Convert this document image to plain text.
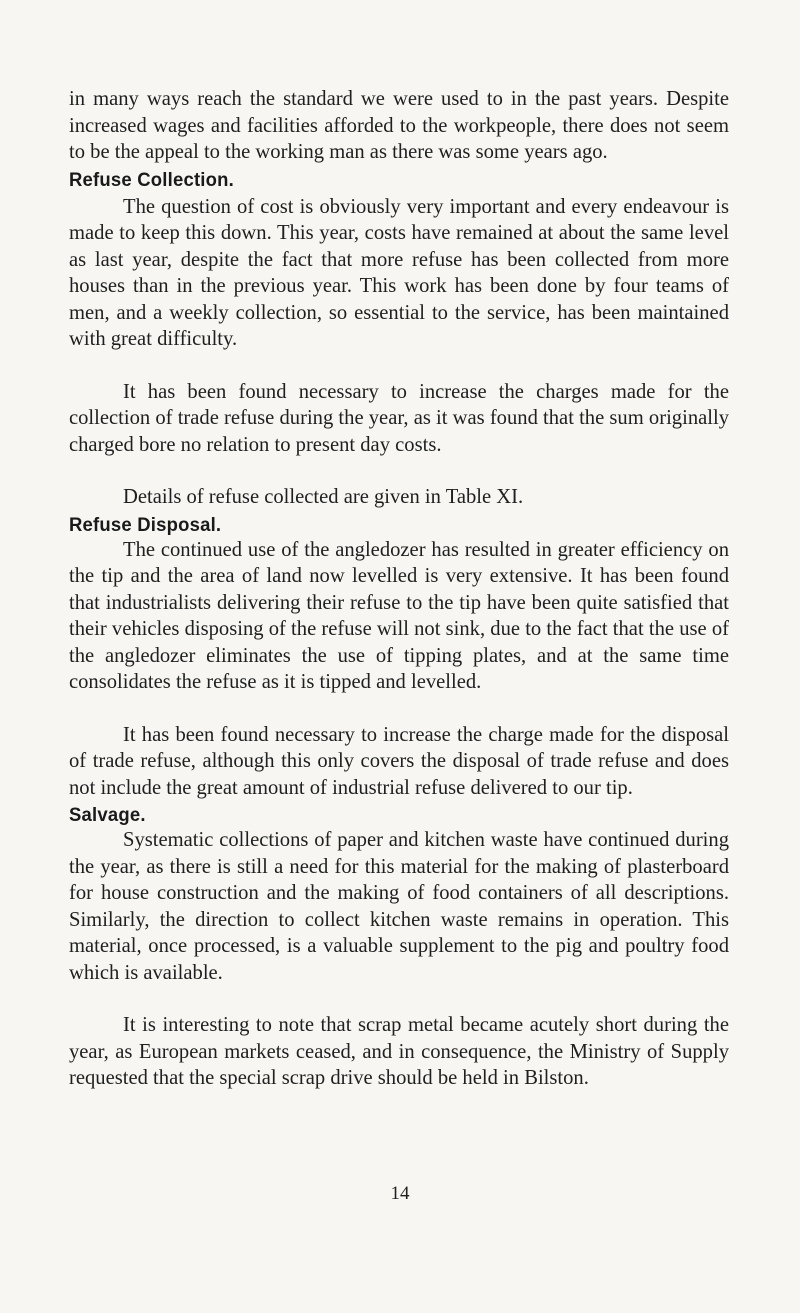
in many ways reach the standard we were used to in the past years. Despite increased wages and facilities afforded to the workpeople, there does not seem to be the appeal to the working man as there was some years ago.

Refuse Collection.

The question of cost is obviously very important and every endeavour is made to keep this down. This year, costs have remained at about the same level as last year, despite the fact that more refuse has been collected from more houses than in the previous year. This work has been done by four teams of men, and a weekly collection, so essential to the service, has been maintained with great difficulty.

It has been found necessary to increase the charges made for the collection of trade refuse during the year, as it was found that the sum originally charged bore no relation to present day costs.

Details of refuse collected are given in Table XI.

Refuse Disposal.

The continued use of the angledozer has resulted in greater efficiency on the tip and the area of land now levelled is very extensive. It has been found that industrialists delivering their refuse to the tip have been quite satisfied that their vehicles disposing of the refuse will not sink, due to the fact that the use of the angledozer eliminates the use of tipping plates, and at the same time consolidates the refuse as it is tipped and levelled.

It has been found necessary to increase the charge made for the disposal of trade refuse, although this only covers the disposal of trade refuse and does not include the great amount of industrial refuse delivered to our tip.

Salvage.

Systematic collections of paper and kitchen waste have continued during the year, as there is still a need for this material for the making of plasterboard for house construction and the making of food containers of all descriptions. Similarly, the direction to collect kitchen waste remains in operation. This material, once processed, is a valuable supplement to the pig and poultry food which is available.

It is interesting to note that scrap metal became acutely short during the year, as European markets ceased, and in consequence, the Ministry of Supply requested that the special scrap drive should be held in Bilston.

14
